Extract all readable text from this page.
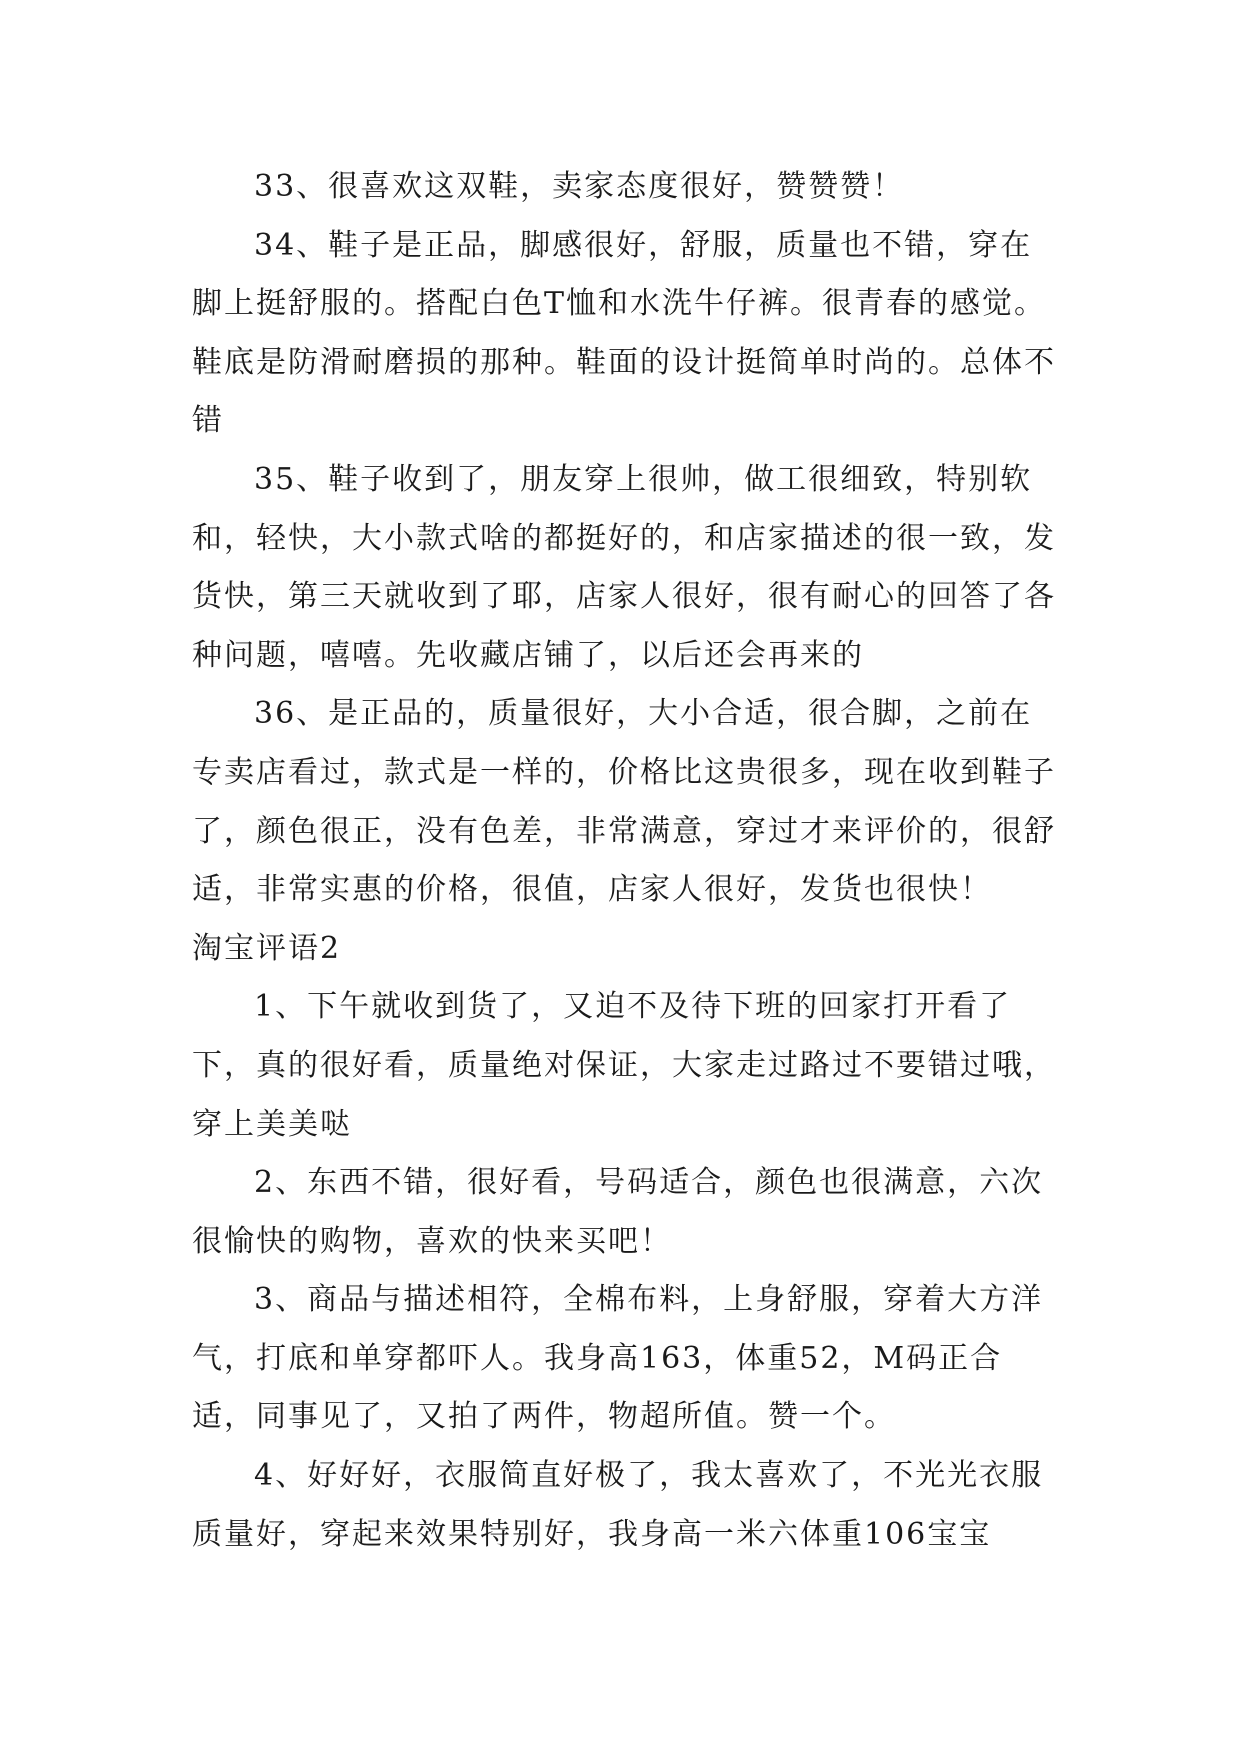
33、很喜欢这双鞋，卖家态度很好，赞赞赞！

34、鞋子是正品，脚感很好，舒服，质量也不错，穿在脚上挺舒服的。搭配白色T恤和水洗牛仔裤。很青春的感觉。鞋底是防滑耐磨损的那种。鞋面的设计挺简单时尚的。总体不错

35、鞋子收到了，朋友穿上很帅，做工很细致，特别软和，轻快，大小款式啥的都挺好的，和店家描述的很一致，发货快，第三天就收到了耶，店家人很好，很有耐心的回答了各种问题，嘻嘻。先收藏店铺了，以后还会再来的

36、是正品的，质量很好，大小合适，很合脚，之前在专卖店看过，款式是一样的，价格比这贵很多，现在收到鞋子了，颜色很正，没有色差，非常满意，穿过才来评价的，很舒适，非常实惠的价格，很值，店家人很好，发货也很快！

淘宝评语2

1、下午就收到货了，又迫不及待下班的回家打开看了下，真的很好看，质量绝对保证，大家走过路过不要错过哦，穿上美美哒

2、东西不错，很好看，号码适合，颜色也很满意，六次很愉快的购物，喜欢的快来买吧！

3、商品与描述相符，全棉布料，上身舒服，穿着大方洋气，打底和单穿都吓人。我身高163，体重52，M码正合适，同事见了，又拍了两件，物超所值。赞一个。

4、好好好，衣服简直好极了，我太喜欢了，不光光衣服质量好，穿起来效果特别好，我身高一米六体重106宝宝
